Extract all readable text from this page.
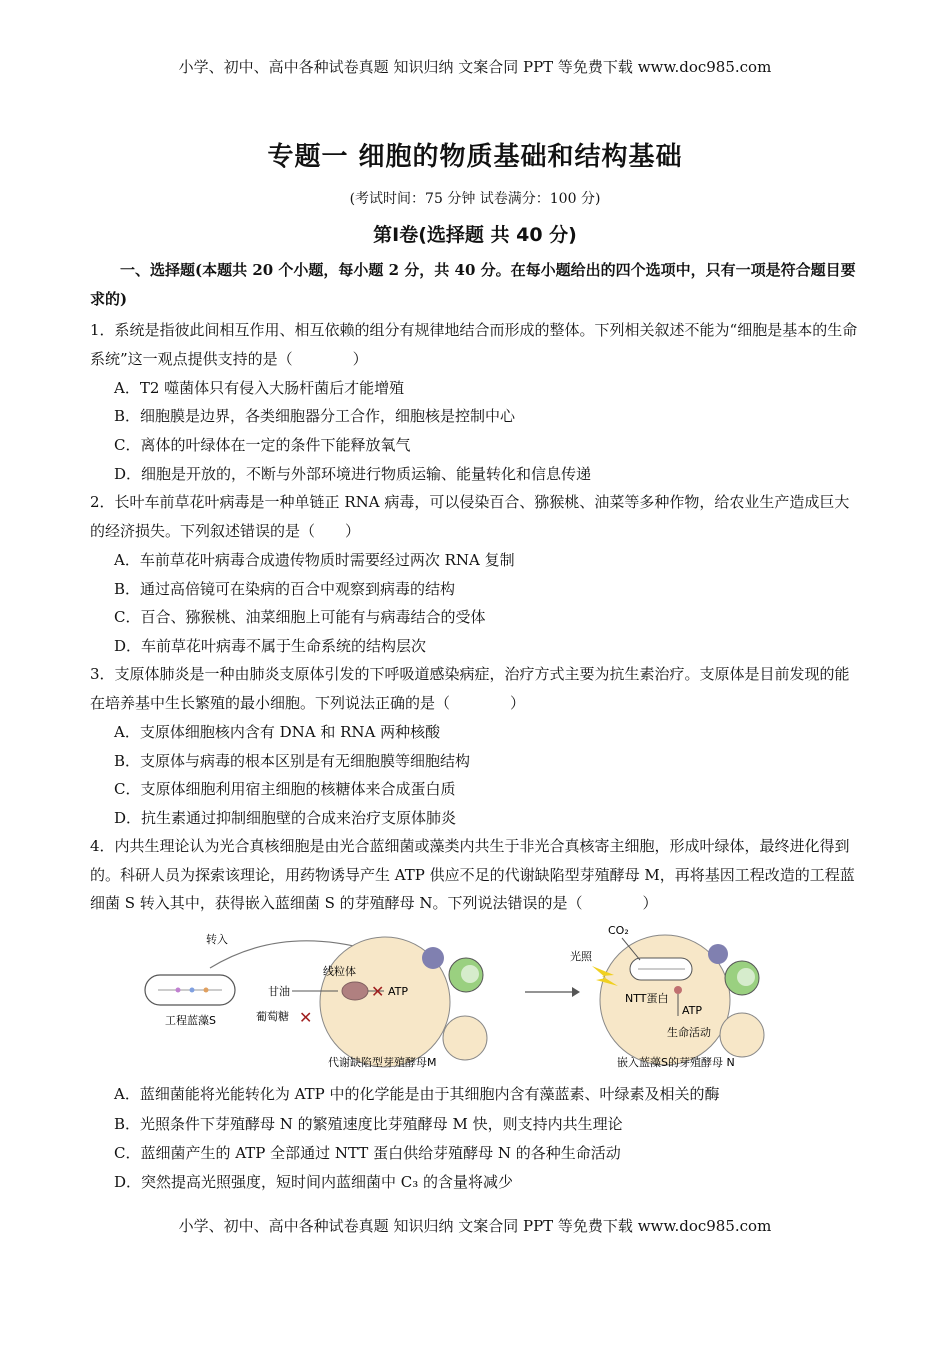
小学、初中、高中各种试卷真题 知识归纳 文案合同 PPT 等免费下载 www.doc985.com
专题一 细胞的物质基础和结构基础
(考试时间：75 分钟 试卷满分：100 分)
第Ⅰ卷(选择题 共 40 分)
一、选择题(本题共 20 个小题，每小题 2 分，共 40 分。在每小题给出的四个选项中，只有一项是符合题目要求的)
1．系统是指彼此间相互作用、相互依赖的组分有规律地结合而形成的整体。下列相关叙述不能为“细胞是基本的生命系统”这一观点提供支持的是（　　　　）
A．T2 噬菌体只有侵入大肠杆菌后才能增殖
B．细胞膜是边界，各类细胞器分工合作，细胞核是控制中心
C．离体的叶绿体在一定的条件下能释放氧气
D．细胞是开放的，不断与外部环境进行物质运输、能量转化和信息传递
2．长叶车前草花叶病毒是一种单链正 RNA 病毒，可以侵染百合、猕猴桃、油菜等多种作物，给农业生产造成巨大的经济损失。下列叙述错误的是（　　）
A．车前草花叶病毒合成遗传物质时需要经过两次 RNA 复制
B．通过高倍镜可在染病的百合中观察到病毒的结构
C．百合、猕猴桃、油菜细胞上可能有与病毒结合的受体
D．车前草花叶病毒不属于生命系统的结构层次
3．支原体肺炎是一种由肺炎支原体引发的下呼吸道感染病症，治疗方式主要为抗生素治疗。支原体是目前发现的能在培养基中生长繁殖的最小细胞。下列说法正确的是（　　　　）
A．支原体细胞核内含有 DNA 和 RNA 两种核酸
B．支原体与病毒的根本区别是有无细胞膜等细胞结构
C．支原体细胞利用宿主细胞的核糖体来合成蛋白质
D．抗生素通过抑制细胞壁的合成来治疗支原体肺炎
4．内共生理论认为光合真核细胞是由光合蓝细菌或藻类内共生于非光合真核寄主细胞，形成叶绿体，最终进化得到的。科研人员为探索该理论，用药物诱导产生 ATP 供应不足的代谢缺陷型芽殖酵母 M，再将基因工程改造的工程蓝细菌 S 转入其中，获得嵌入蓝细菌 S 的芽殖酵母 N。下列说法错误的是（　　　　）
转入
工程蓝藻S
线粒体
ATP
✕
甘油
葡萄糖 ✕
代谢缺陷型芽殖酵母M
CO₂
光照
NTT蛋白
ATP
生命活动
嵌入蓝藻S的芽殖酵母 N
A．蓝细菌能将光能转化为 ATP 中的化学能是由于其细胞内含有藻蓝素、叶绿素及相关的酶
B．光照条件下芽殖酵母 N 的繁殖速度比芽殖酵母 M 快，则支持内共生理论
C．蓝细菌产生的 ATP 全部通过 NTT 蛋白供给芽殖酵母 N 的各种生命活动
D．突然提高光照强度，短时间内蓝细菌中 C₃ 的含量将减少
小学、初中、高中各种试卷真题 知识归纳 文案合同 PPT 等免费下载 www.doc985.com
